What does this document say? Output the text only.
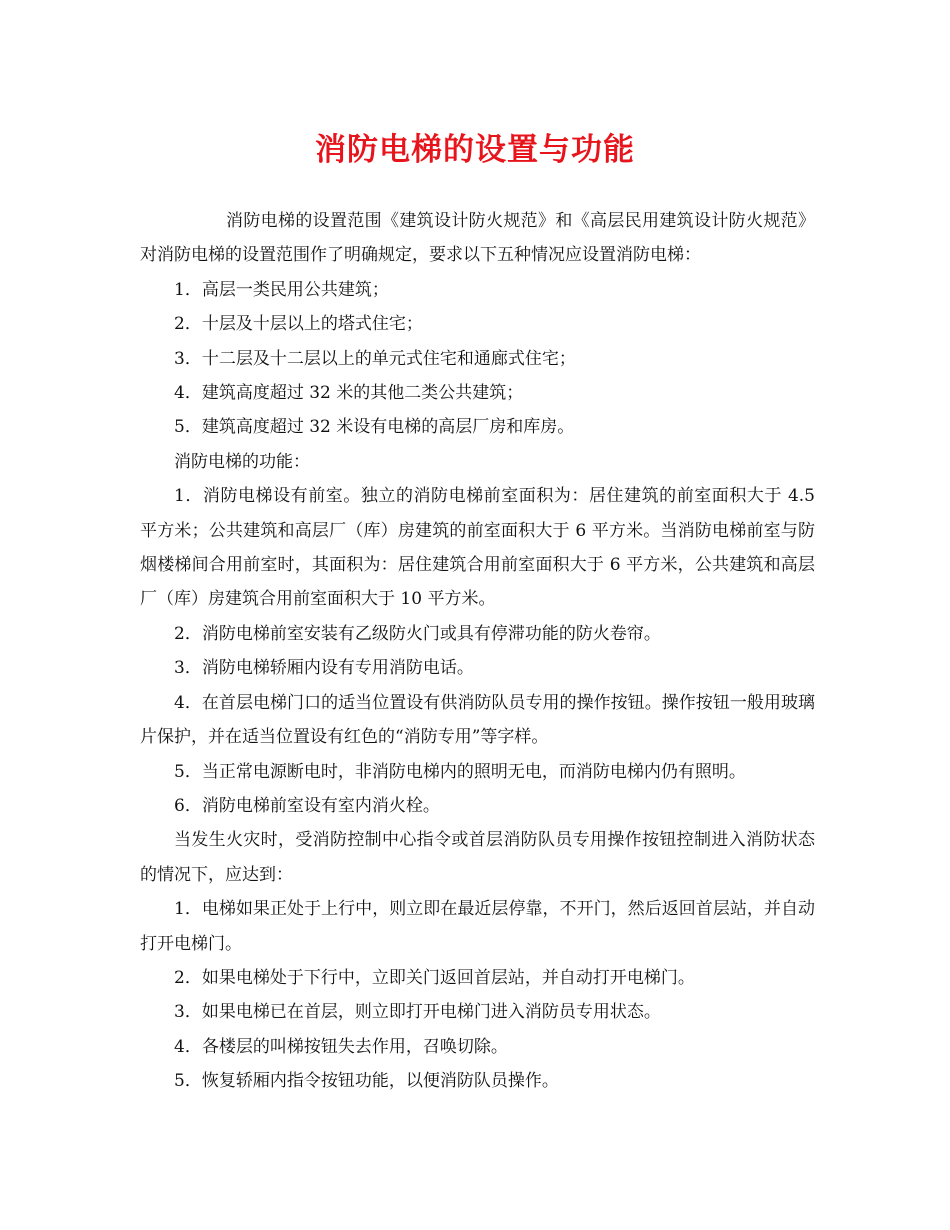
消防电梯的设置与功能

消防电梯的设置范围《建筑设计防火规范》和《高层民用建筑设计防火规范》对消防电梯的设置范围作了明确规定，要求以下五种情况应设置消防电梯：

1．高层一类民用公共建筑；

2．十层及十层以上的塔式住宅；

3．十二层及十二层以上的单元式住宅和通廊式住宅；

4．建筑高度超过 32 米的其他二类公共建筑；

5．建筑高度超过 32 米设有电梯的高层厂房和库房。

消防电梯的功能：

1．消防电梯设有前室。独立的消防电梯前室面积为：居住建筑的前室面积大于 4.5 平方米；公共建筑和高层厂（库）房建筑的前室面积大于 6 平方米。当消防电梯前室与防烟楼梯间合用前室时，其面积为：居住建筑合用前室面积大于 6 平方米，公共建筑和高层厂（库）房建筑合用前室面积大于 10 平方米。

2．消防电梯前室安装有乙级防火门或具有停滞功能的防火卷帘。

3．消防电梯轿厢内设有专用消防电话。

4．在首层电梯门口的适当位置设有供消防队员专用的操作按钮。操作按钮一般用玻璃片保护，并在适当位置设有红色的“消防专用”等字样。

5．当正常电源断电时，非消防电梯内的照明无电，而消防电梯内仍有照明。

6．消防电梯前室设有室内消火栓。

当发生火灾时，受消防控制中心指令或首层消防队员专用操作按钮控制进入消防状态的情况下，应达到：

1．电梯如果正处于上行中，则立即在最近层停靠，不开门，然后返回首层站，并自动打开电梯门。

2．如果电梯处于下行中，立即关门返回首层站，并自动打开电梯门。

3．如果电梯已在首层，则立即打开电梯门进入消防员专用状态。

4．各楼层的叫梯按钮失去作用，召唤切除。

5．恢复轿厢内指令按钮功能，以便消防队员操作。
